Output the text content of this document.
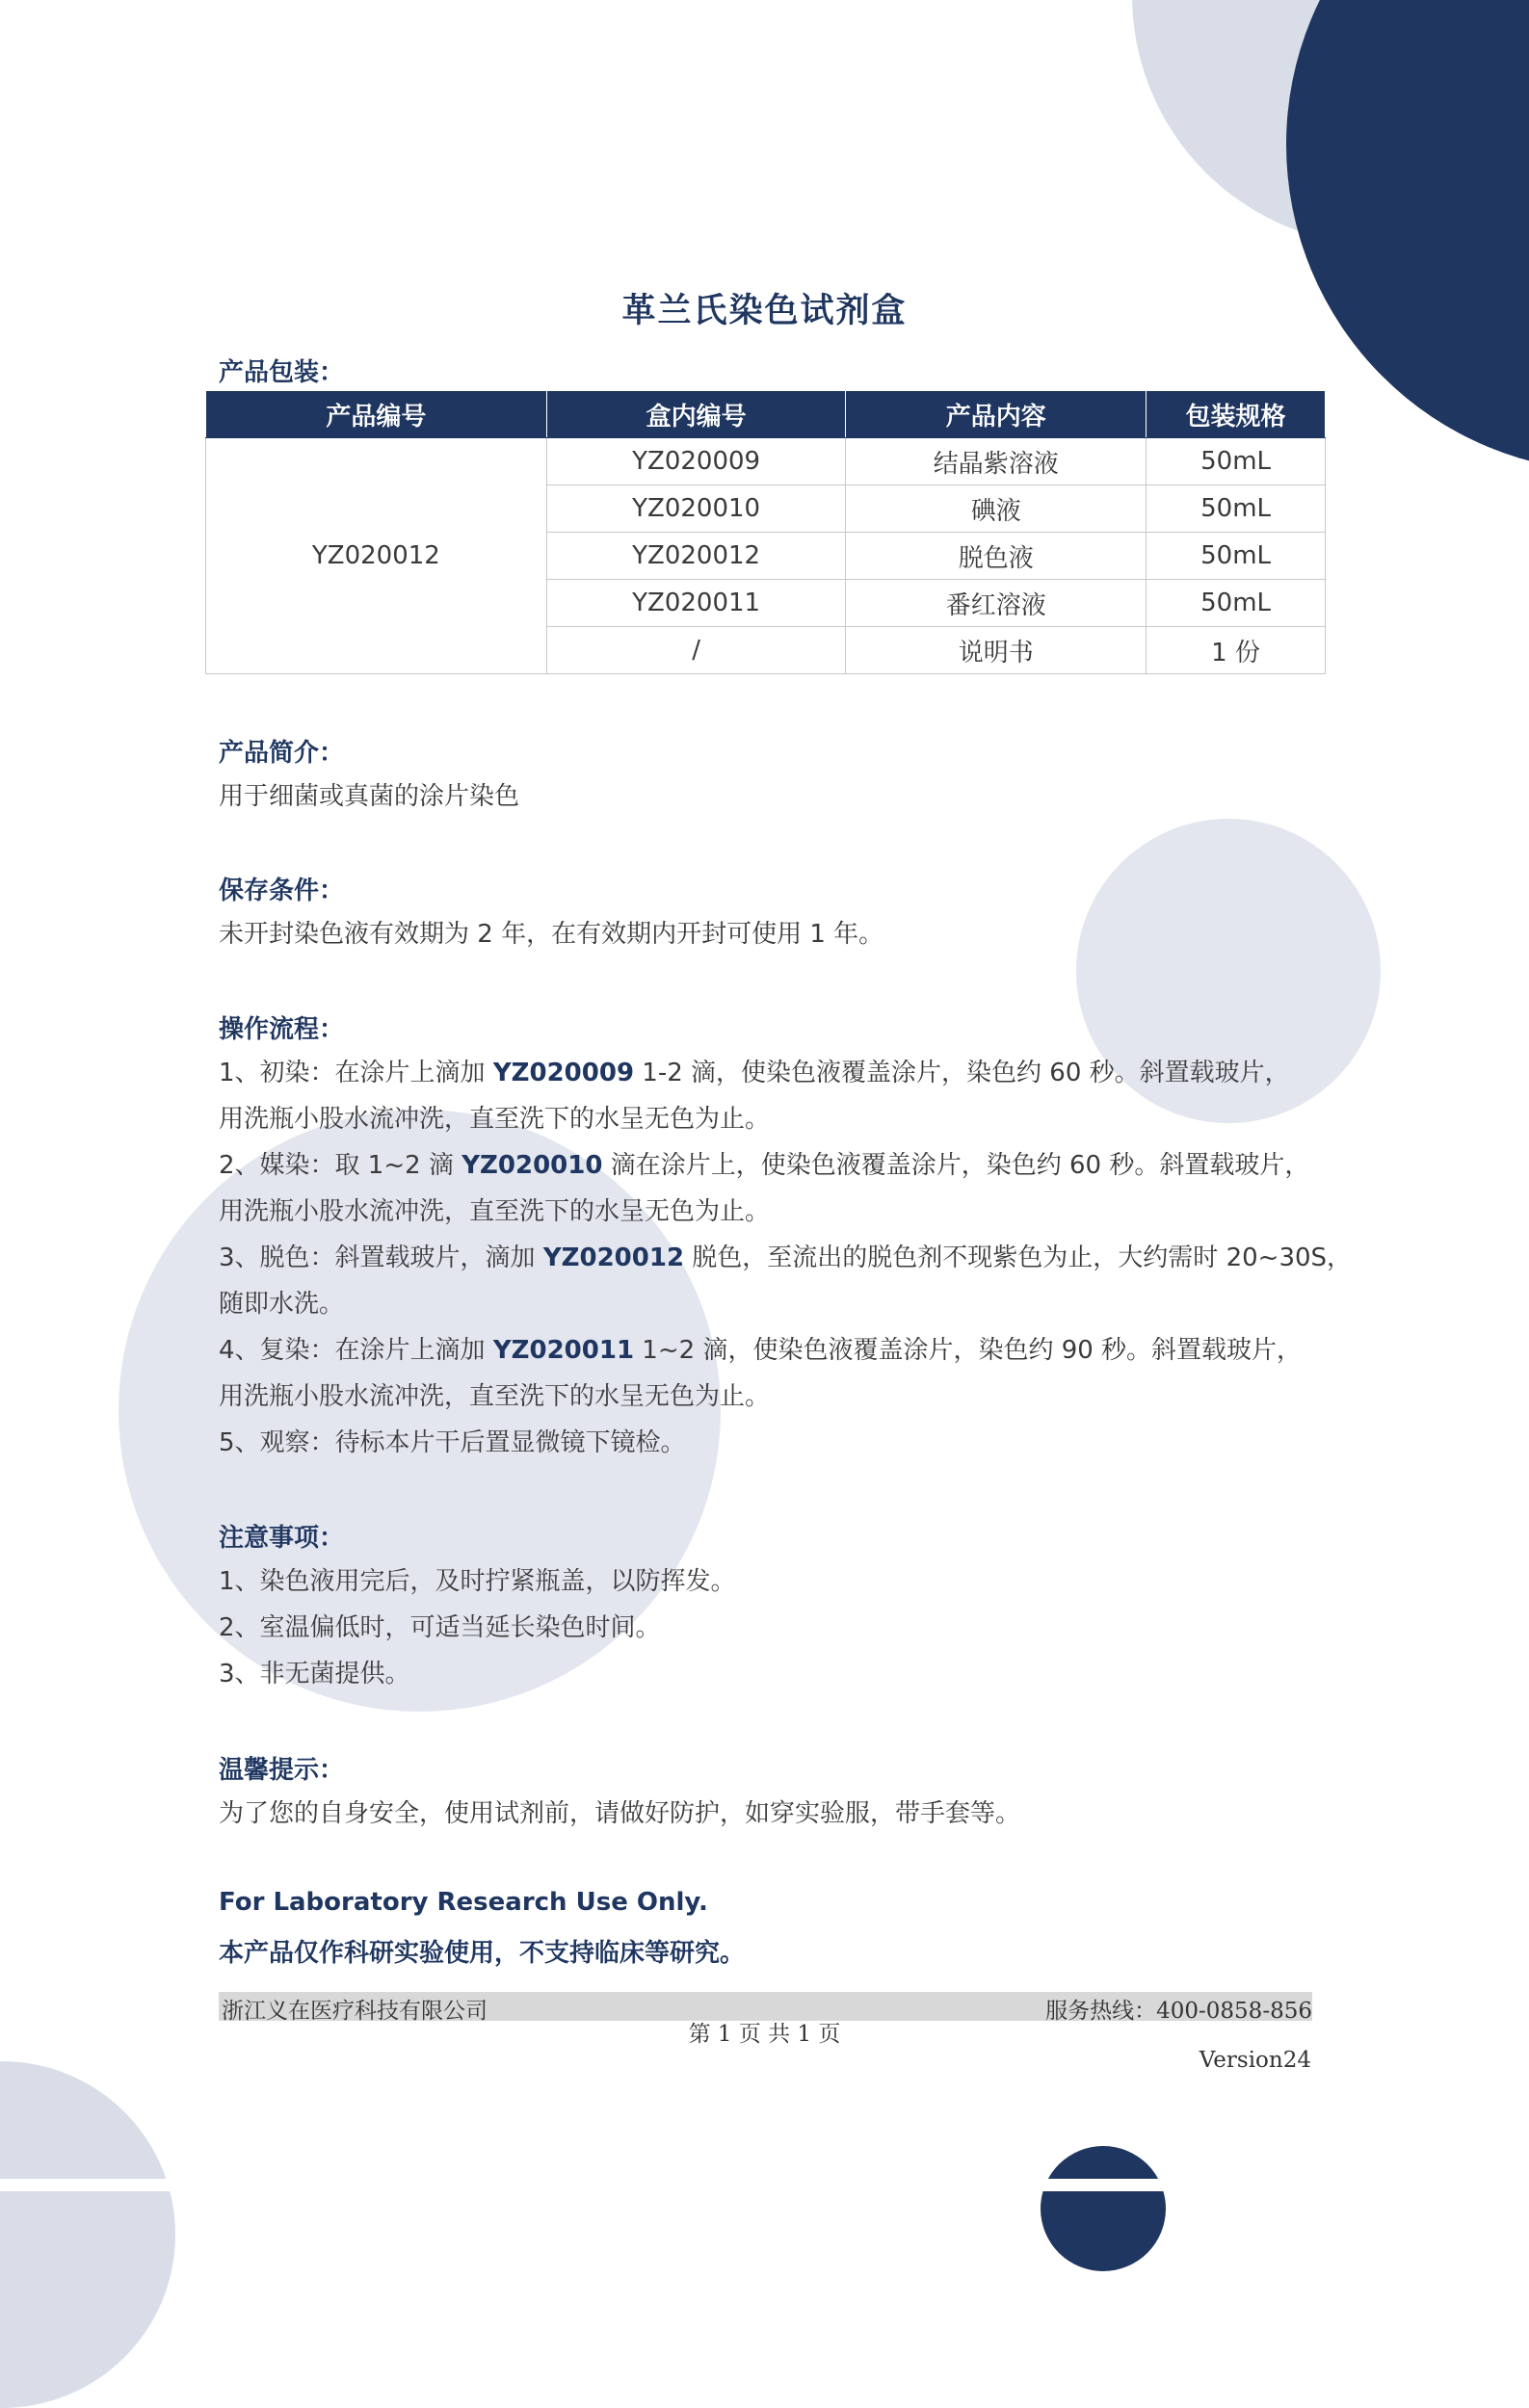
革兰氏染色试剂盒
产品包装：
产品编号	盒内编号	产品内容	包装规格
YZ020012	YZ020009	结晶紫溶液	50mL
	YZ020010	碘液	50mL
	YZ020012	脱色液	50mL
	YZ020011	番红溶液	50mL
	/	说明书	1 份
产品简介：
用于细菌或真菌的涂片染色
保存条件：
未开封染色液有效期为 2 年，在有效期内开封可使用 1 年。
操作流程：
1、初染：在涂片上滴加 YZ020009 1-2 滴，使染色液覆盖涂片，染色约 60 秒。斜置载玻片，
用洗瓶小股水流冲洗，直至洗下的水呈无色为止。
2、媒染：取 1~2 滴 YZ020010 滴在涂片上，使染色液覆盖涂片，染色约 60 秒。斜置载玻片，
用洗瓶小股水流冲洗，直至洗下的水呈无色为止。
3、脱色：斜置载玻片，滴加 YZ020012 脱色，至流出的脱色剂不现紫色为止，大约需时 20~30S，
随即水洗。
4、复染：在涂片上滴加 YZ020011 1~2 滴，使染色液覆盖涂片，染色约 90 秒。斜置载玻片，
用洗瓶小股水流冲洗，直至洗下的水呈无色为止。
5、观察：待标本片干后置显微镜下镜检。
注意事项：
1、染色液用完后，及时拧紧瓶盖，以防挥发。
2、室温偏低时，可适当延长染色时间。
3、非无菌提供。
温馨提示：
为了您的自身安全，使用试剂前，请做好防护，如穿实验服，带手套等。
For Laboratory Research Use Only.
本产品仅作科研实验使用，不支持临床等研究。
浙江义在医疗科技有限公司	服务热线：400-0858-856
第 1 页 共 1 页
Version24
